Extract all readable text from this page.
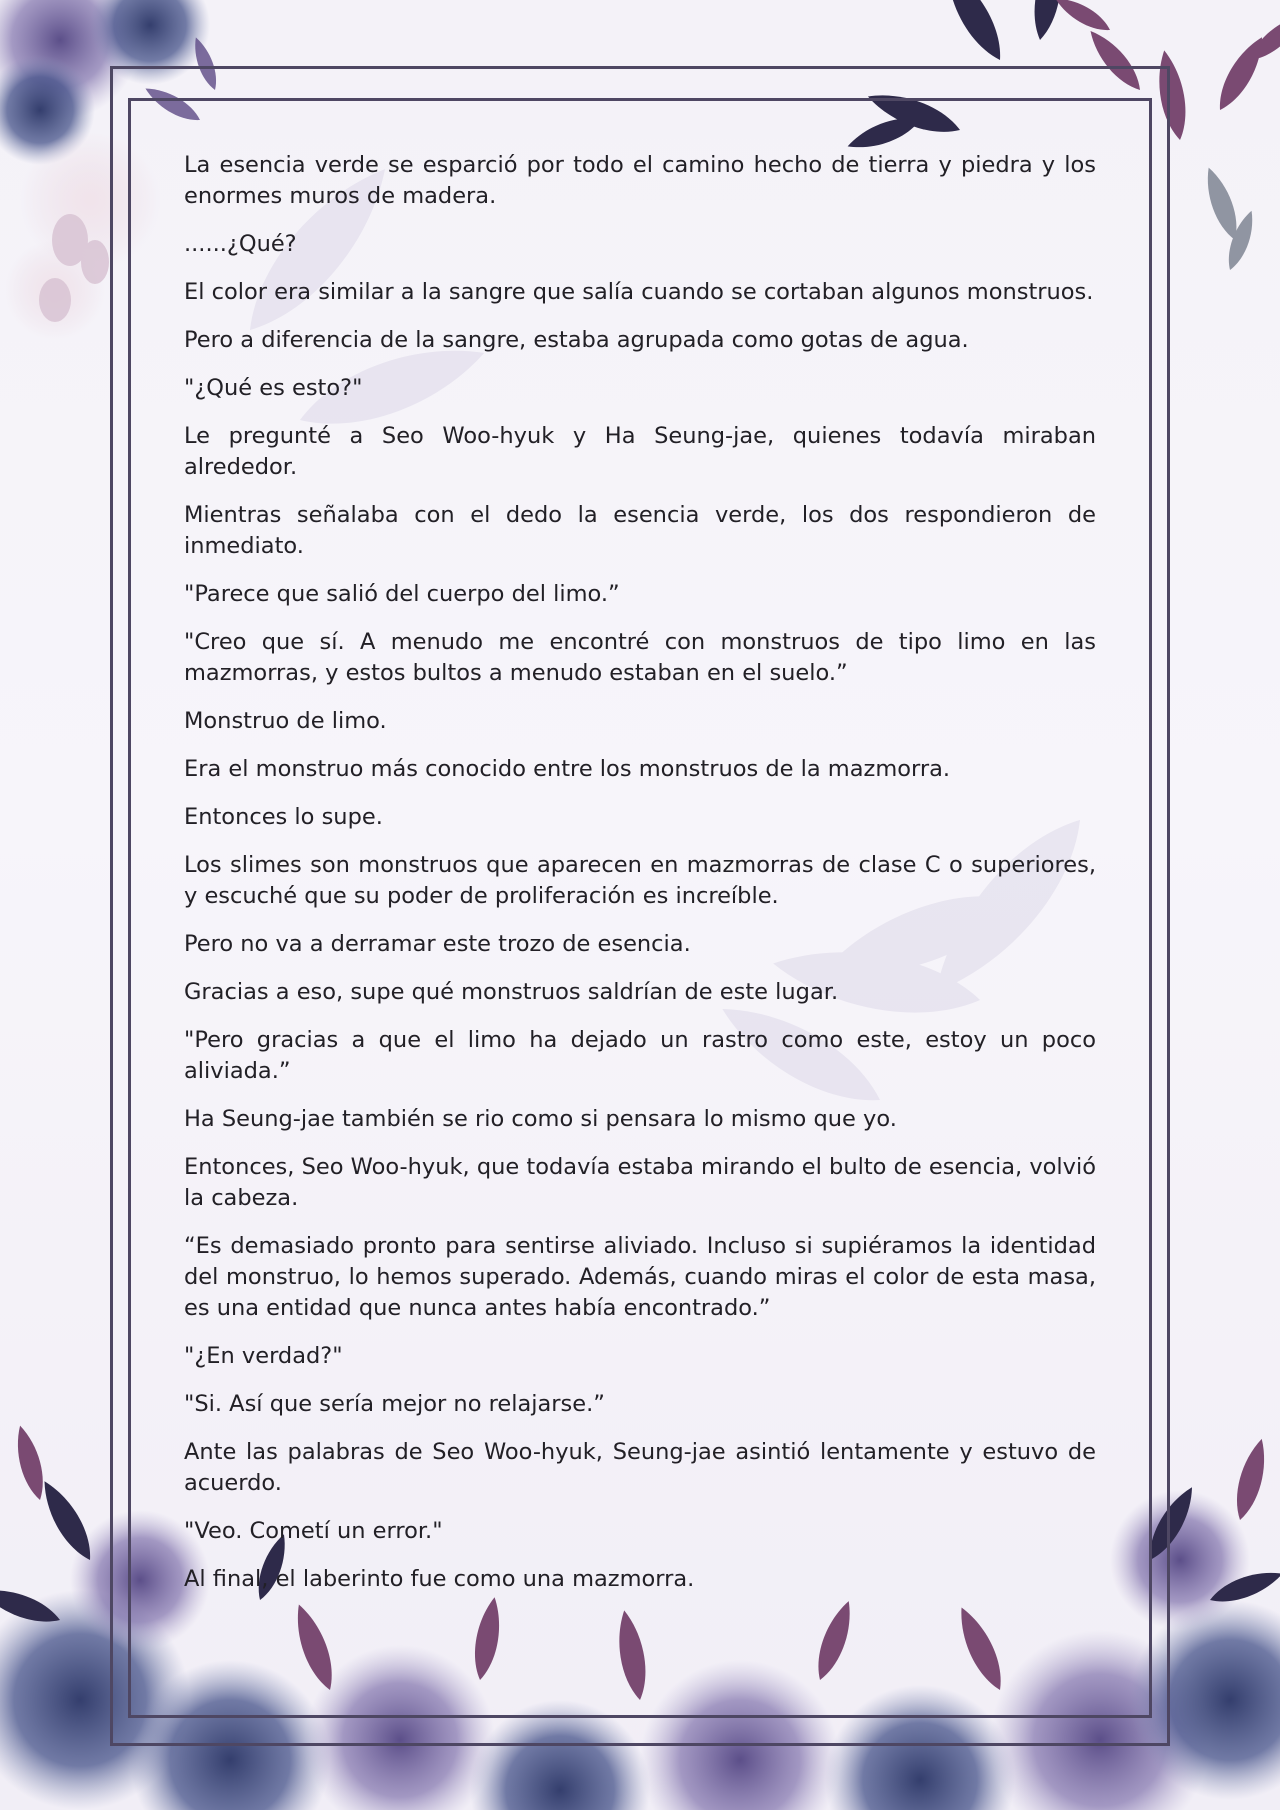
La esencia verde se esparció por todo el camino hecho de tierra y piedra y los enormes muros de madera.

......¿Qué?

El color era similar a la sangre que salía cuando se cortaban algunos monstruos.

Pero a diferencia de la sangre, estaba agrupada como gotas de agua.

"¿Qué es esto?"

Le pregunté a Seo Woo-hyuk y Ha Seung-jae, quienes todavía miraban alrededor.

Mientras señalaba con el dedo la esencia verde, los dos respondieron de inmediato.

"Parece que salió del cuerpo del limo.”

"Creo que sí. A menudo me encontré con monstruos de tipo limo en las mazmorras, y estos bultos a menudo estaban en el suelo.”

Monstruo de limo.

Era el monstruo más conocido entre los monstruos de la mazmorra.

Entonces lo supe.

Los slimes son monstruos que aparecen en mazmorras de clase C o superiores, y escuché que su poder de proliferación es increíble.

Pero no va a derramar este trozo de esencia.

Gracias a eso, supe qué monstruos saldrían de este lugar.

"Pero gracias a que el limo ha dejado un rastro como este, estoy un poco aliviada.”

Ha Seung-jae también se rio como si pensara lo mismo que yo.

Entonces, Seo Woo-hyuk, que todavía estaba mirando el bulto de esencia, volvió la cabeza.

“Es demasiado pronto para sentirse aliviado. Incluso si supiéramos la identidad del monstruo, lo hemos superado. Además, cuando miras el color de esta masa, es una entidad que nunca antes había encontrado.”

"¿En verdad?"

"Si. Así que sería mejor no relajarse.”

Ante las palabras de Seo Woo-hyuk, Seung-jae asintió lentamente y estuvo de acuerdo.

"Veo. Cometí un error."

Al final, el laberinto fue como una mazmorra.
